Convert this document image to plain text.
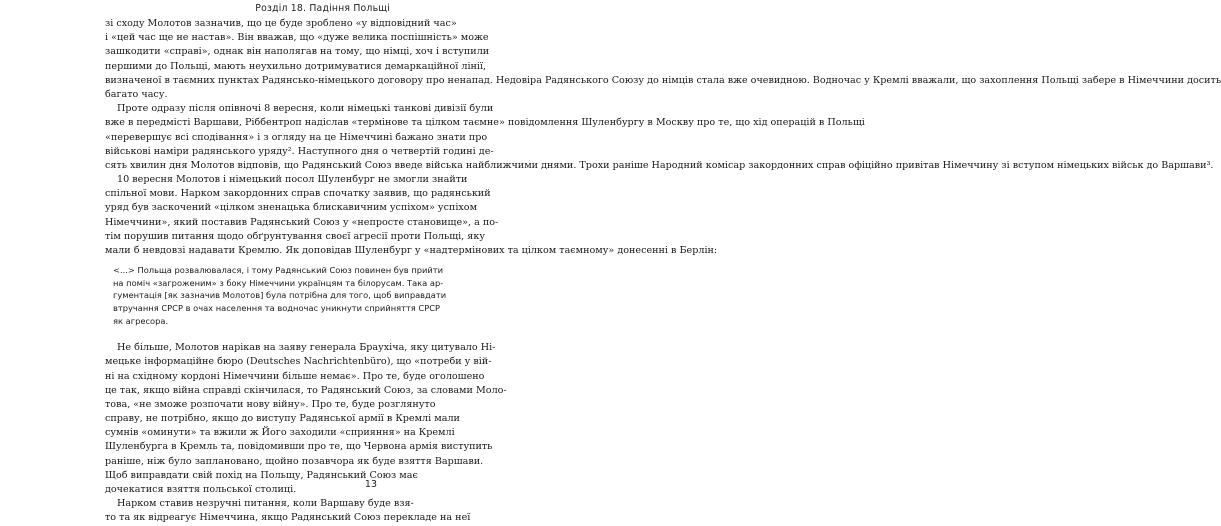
Розділ 18. Падіння Польщі
зі сходу Молотов зазначив, що це буде зроблено «у відповідний час»
і «цей час ще не настав». Він вважав, що «дуже велика поспішність» може
зашкодити «справі», однак він наполягав на тому, що німці, хоч і вступили
першими до Польщі, мають неухильно дотримуватися демаркаційної лінії,
визначеної в таємних пунктах Радянсько-німецького договору про ненапад. Недовіра Радянського Союзу до німців стала вже очевидною. Водночас у Кремлі вважали, що захоплення Польщі заберe в Німеччини досить
багато часу.
Проте одразу після опівночі 8 вересня, коли німецькі танкові дивізії були
вже в передмісті Варшави, Ріббентроп надіслав «термінове та цілком таємне» повідомлення Шуленбургу в Москву про те, що хід операцій в Польщі
«перевершує всі сподівання» і з огляду на це Німеччині бажано знати про
військові наміри радянського уряду². Наступного дня о четвертій годині де-
сять хвилин дня Молотов відповів, що Радянський Союз введе війська найближчими днями. Трохи раніше Народний комісар закордонних справ офіційно привітав Німеччину зі вступом німецьких військ до Варшави³.
10 вересня Молотов і німецький посол Шуленбург не змогли знайти
спільної мови. Нарком закордонних справ спочатку заявив, що радянський
уряд був заскочений «цілком зненацька блискавичним успіхом» успіхом
Німеччини», який поставив Радянський Союз у «непросте становище», а по-
тім порушив питання щодо обґрунтування своєї агресії проти Польщі, яку
мали б невдовзі надавати Кремлю. Як доповідав Шуленбург у «надтермінових та цілком таємному» донесенні в Берлін:
<...> Польща розвалювалася, і тому Радянський Союз повинен був прийти
на поміч «загроженим» з боку Німеччини українцям та білорусам. Така ар-
гументація [як зазначив Молотов] була потрібна для того, щоб виправдати
втручання СРСР в очах населення та водночас уникнути сприйняття СРСР
як агресора.
Не більше, Молотов нарікав на заяву генерала Браухіча, яку цитувало Ні-
мецьке інформаційне бюро (Deutsches Nachrichtenbüro), що «потреби у вій-
ні на східному кордоні Німеччини більше немає». Про те, буде оголошено
це так, якщо війна справді скінчилася, то Радянський Союз, за словами Моло-
това, «не зможе розпочати нову війну». Про те, буде розглянуто
справу, не потрібно, якщо до виступу Радянської армії в Кремлі мали
сумнів «оминути» та вжили ж Його заходили «сприяння» на Кремлі
Шуленбурга в Кремль та, повідомивши про те, що Червона армія виступить
раніше, ніж було заплановано, щойно позавчора як буде взяття Варшави.
Щоб виправдати свій похід на Польщу, Радянський Союз має
дочекатися взяття польської столиці.
Нарком ставив незручні питання, коли Варшаву буде взя-
то та як відреагує Німеччина, якщо Радянський Союз перекладе на неї
13
